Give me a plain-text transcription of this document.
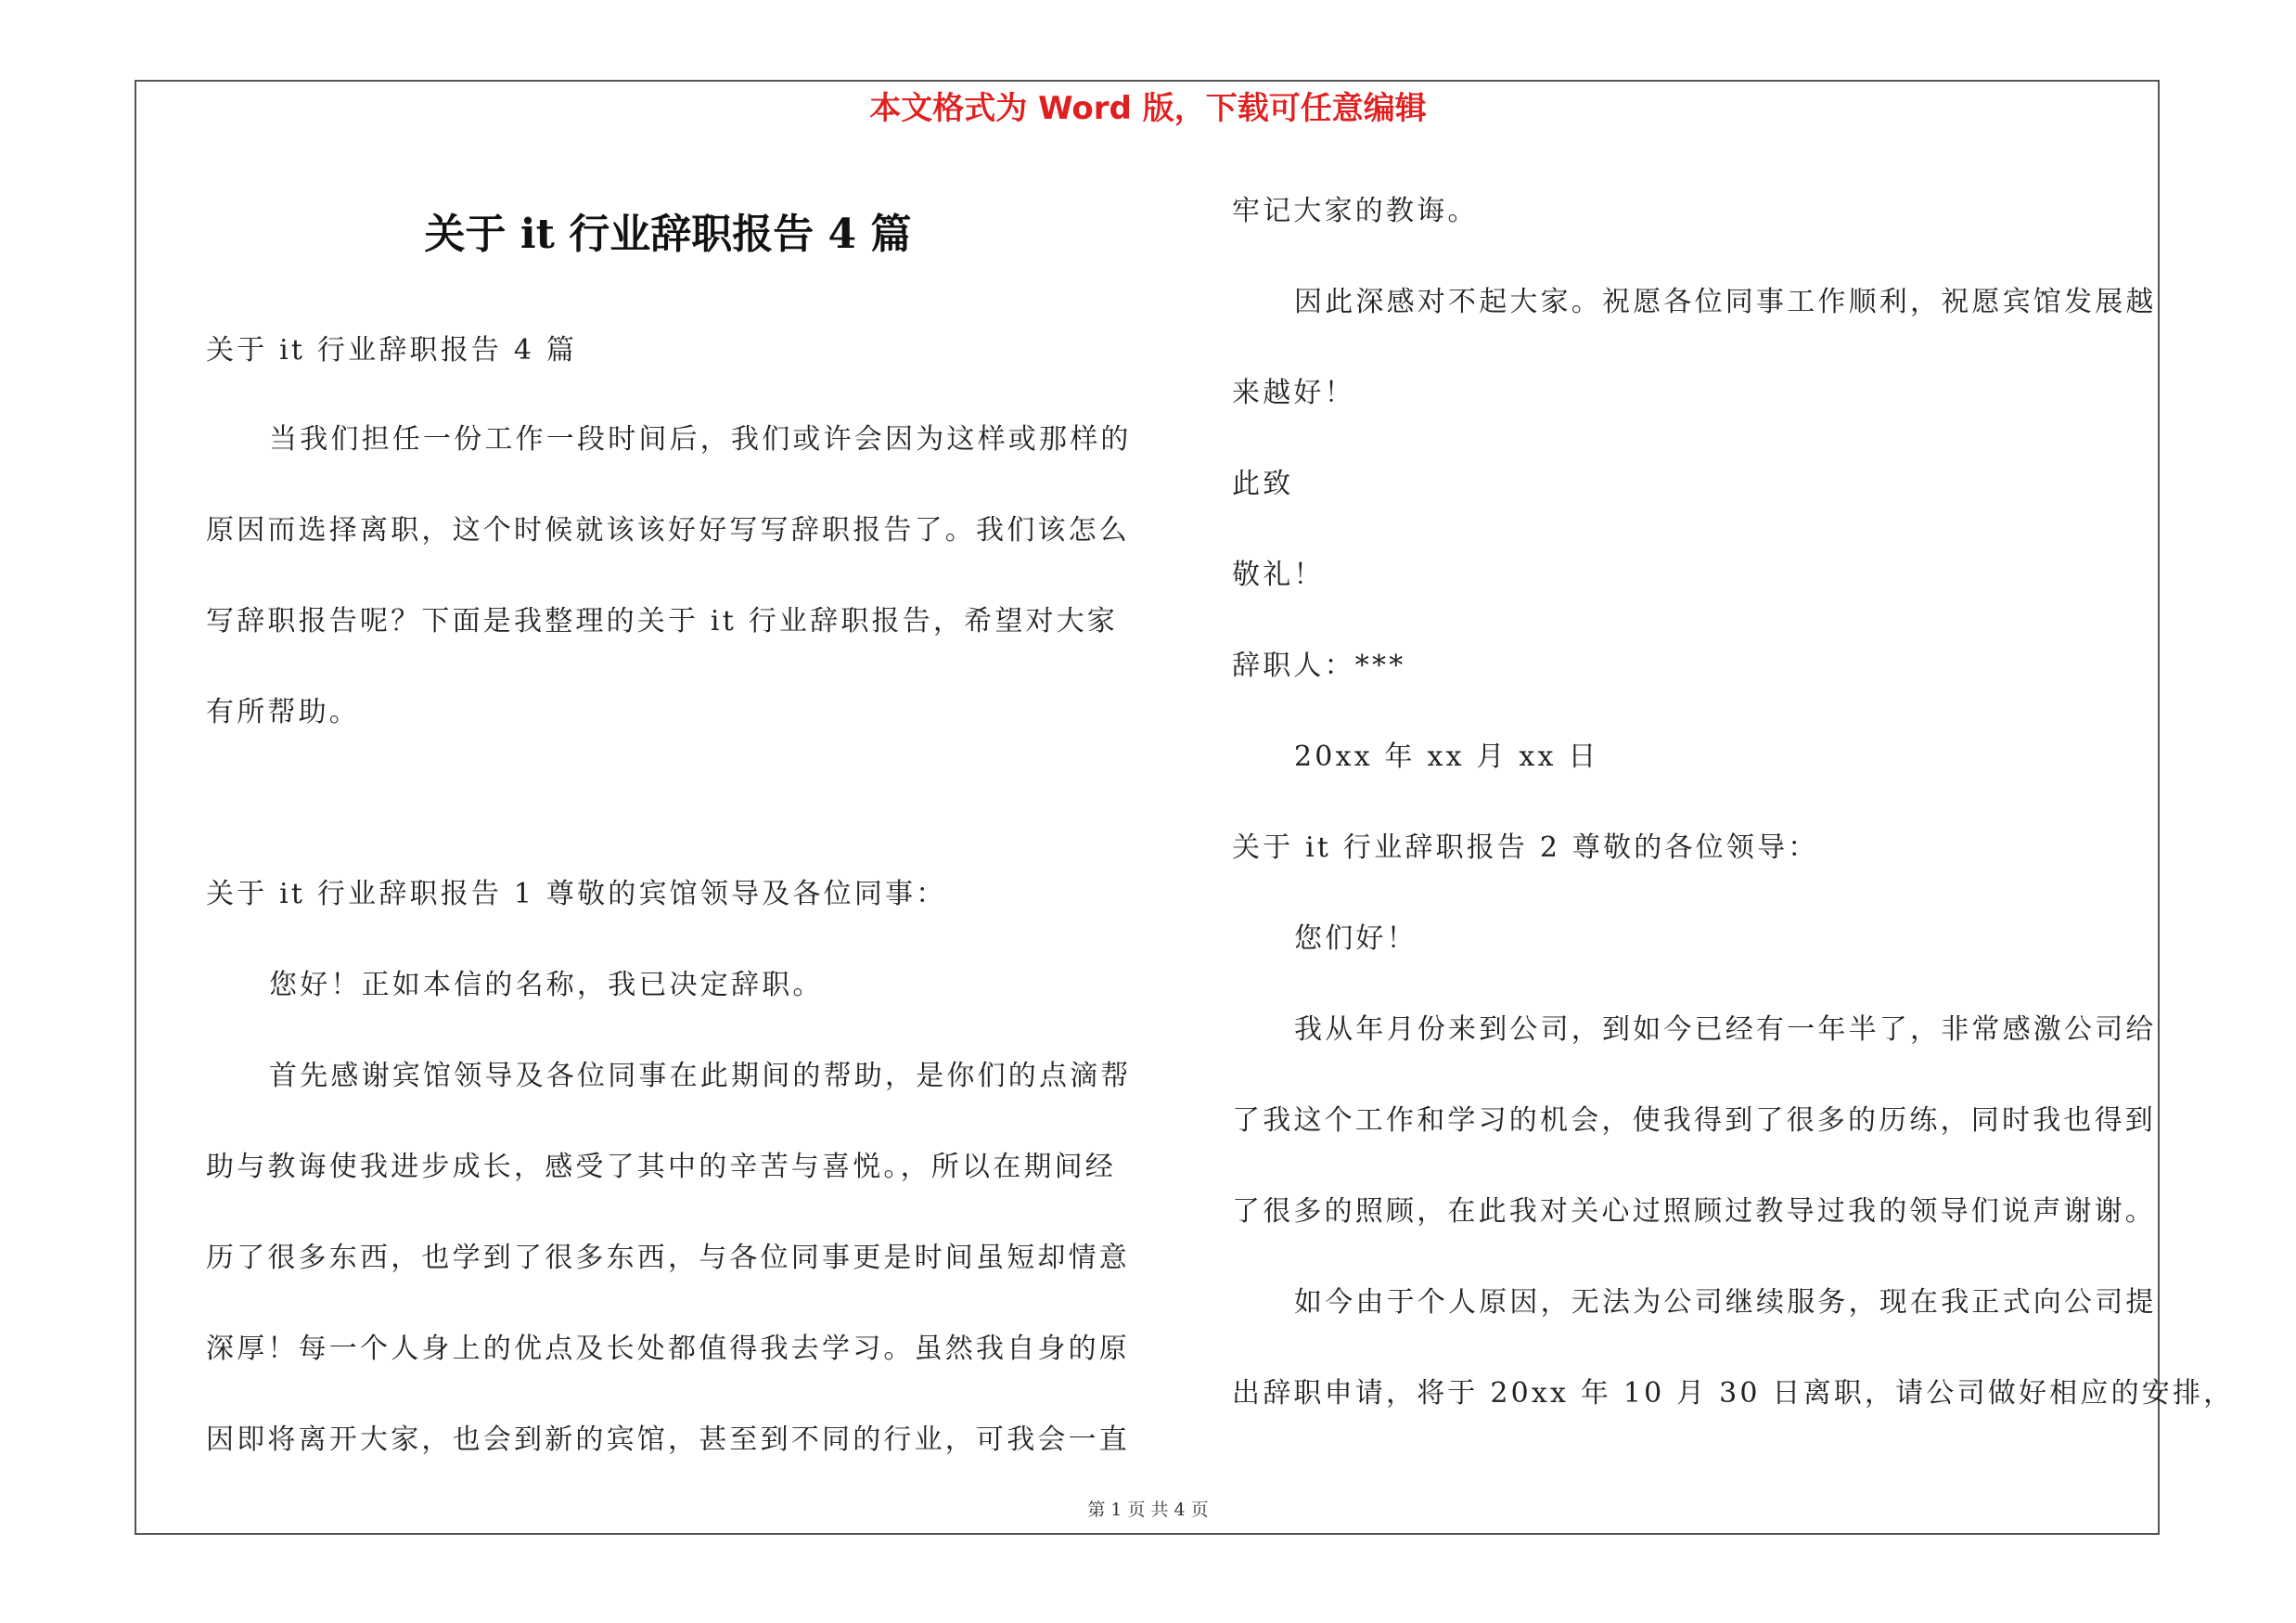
本文格式为 Word 版，下载可任意编辑
关于 it 行业辞职报告 4 篇
关于 it 行业辞职报告 4 篇
当我们担任一份工作一段时间后，我们或许会因为这样或那样的
原因而选择离职，这个时候就该该好好写写辞职报告了。我们该怎么
写辞职报告呢？下面是我整理的关于 it 行业辞职报告，希望对大家
有所帮助。
关于 it 行业辞职报告 1 尊敬的宾馆领导及各位同事：
您好！正如本信的名称，我已决定辞职。
首先感谢宾馆领导及各位同事在此期间的帮助，是你们的点滴帮
助与教诲使我进步成长，感受了其中的辛苦与喜悦。，所以在期间经
历了很多东西，也学到了很多东西，与各位同事更是时间虽短却情意
深厚！每一个人身上的优点及长处都值得我去学习。虽然我自身的原
因即将离开大家，也会到新的宾馆，甚至到不同的行业，可我会一直
牢记大家的教诲。
因此深感对不起大家。祝愿各位同事工作顺利，祝愿宾馆发展越
来越好！
此致
敬礼！
辞职人：***
20xx 年 xx 月 xx 日
关于 it 行业辞职报告 2 尊敬的各位领导：
您们好！
我从年月份来到公司，到如今已经有一年半了，非常感激公司给
了我这个工作和学习的机会，使我得到了很多的历练，同时我也得到
了很多的照顾，在此我对关心过照顾过教导过我的领导们说声谢谢。
如今由于个人原因，无法为公司继续服务，现在我正式向公司提
出辞职申请，将于 20xx 年 10 月 30 日离职，请公司做好相应的安排，
第 1 页 共 4 页
